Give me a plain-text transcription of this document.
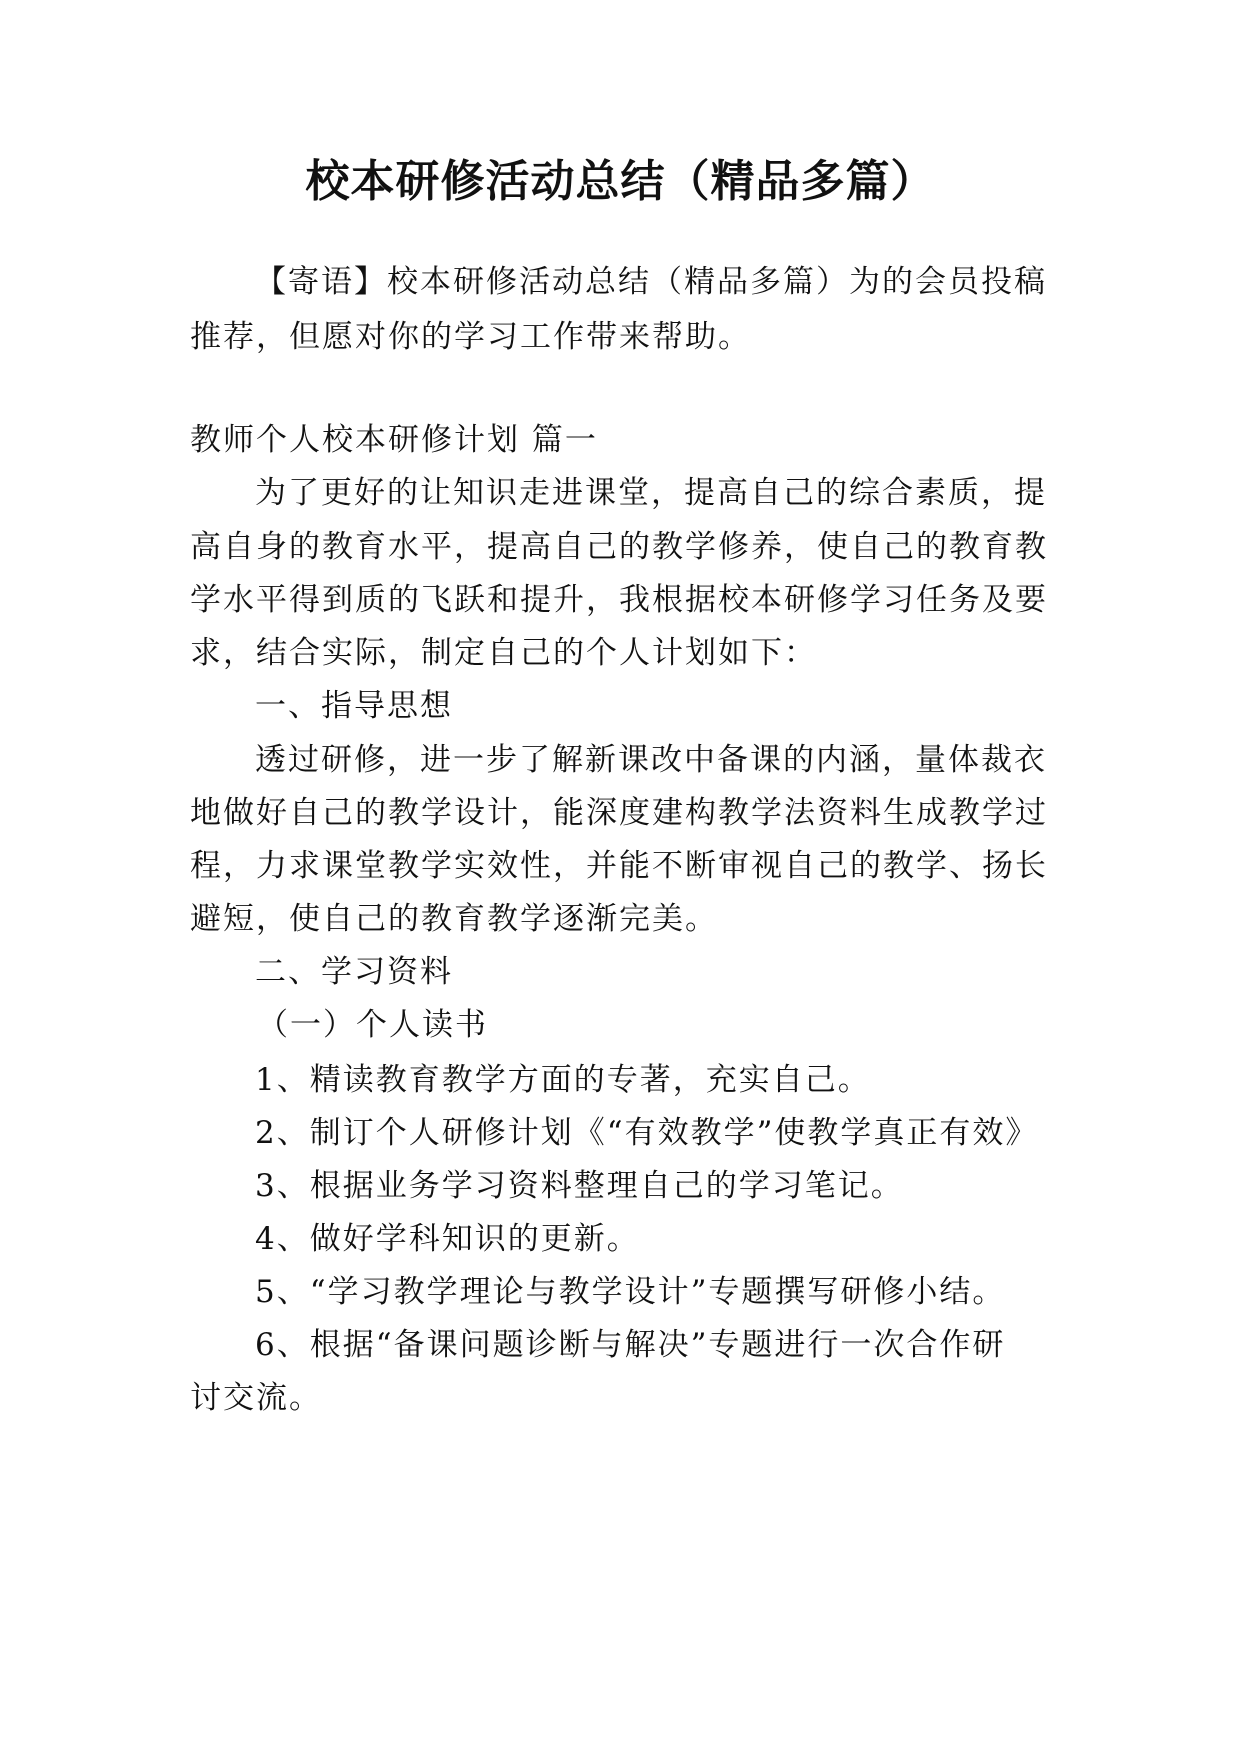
校本研修活动总结（精品多篇）
【寄语】校本研修活动总结（精品多篇）为的会员投稿
推荐，但愿对你的学习工作带来帮助。
教师个人校本研修计划 篇一
为了更好的让知识走进课堂，提高自己的综合素质，提
高自身的教育水平，提高自己的教学修养，使自己的教育教
学水平得到质的飞跃和提升，我根据校本研修学习任务及要
求，结合实际，制定自己的个人计划如下：
一、指导思想
透过研修，进一步了解新课改中备课的内涵，量体裁衣
地做好自己的教学设计，能深度建构教学法资料生成教学过
程，力求课堂教学实效性，并能不断审视自己的教学、扬长
避短，使自己的教育教学逐渐完美。
二、学习资料
（一）个人读书
1、精读教育教学方面的专著，充实自己。
2、制订个人研修计划《“有效教学”使教学真正有效》
3、根据业务学习资料整理自己的学习笔记。
4、做好学科知识的更新。
5、“学习教学理论与教学设计”专题撰写研修小结。
6、根据“备课问题诊断与解决”专题进行一次合作研
讨交流。
